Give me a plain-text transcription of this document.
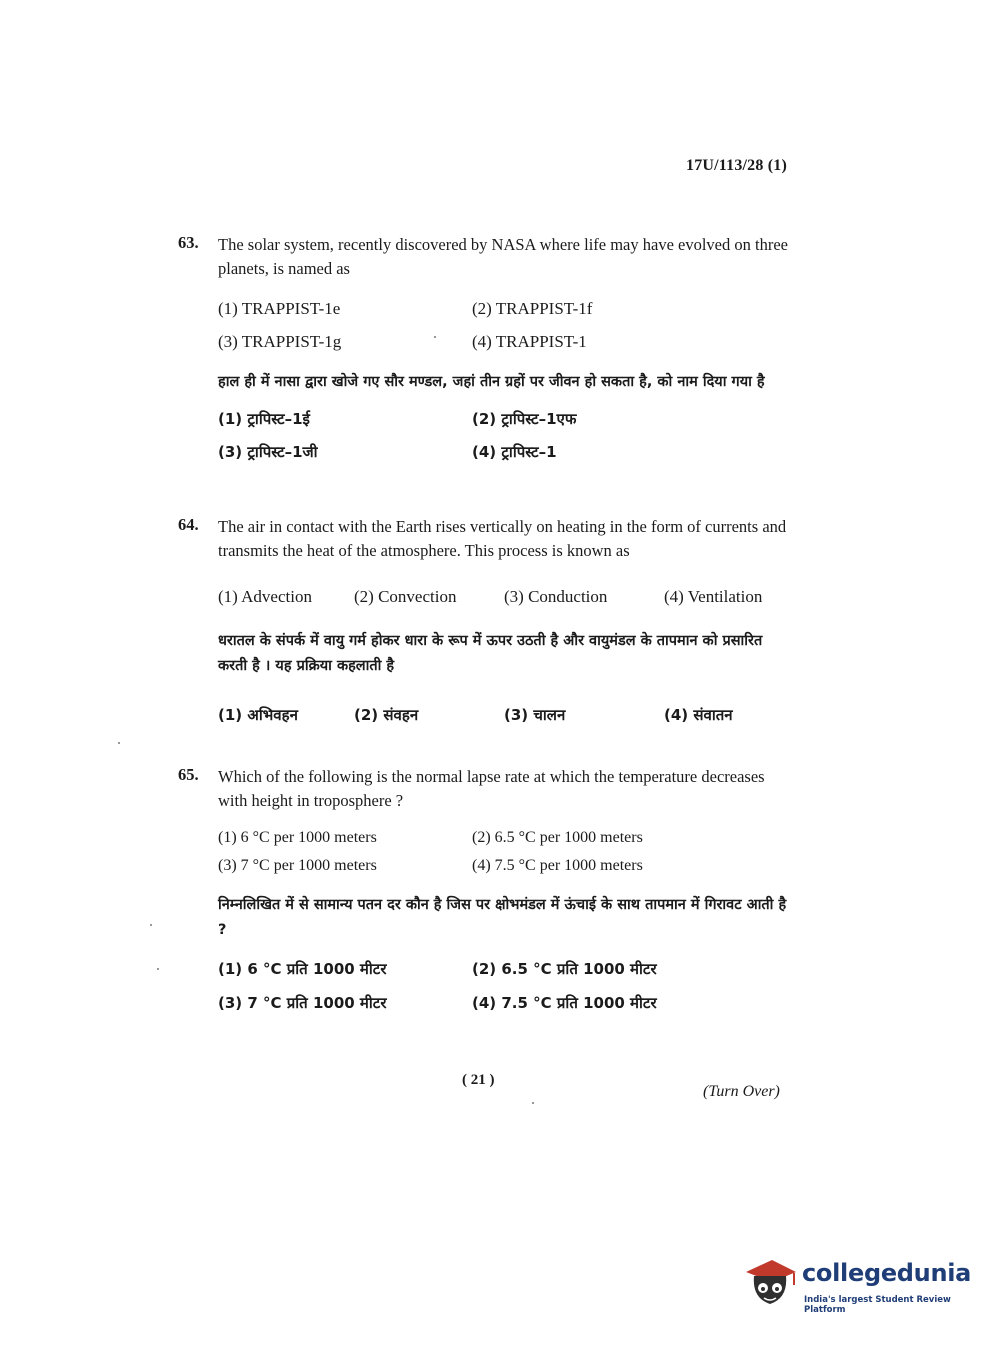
17U/113/28 (1)
63. The solar system, recently discovered by NASA where life may have evolved on three planets, is named as
(1) TRAPPIST-1e	(2) TRAPPIST-1f
(3) TRAPPIST-1g	(4) TRAPPIST-1
हाल ही में नासा द्वारा खोजे गए सौर मण्डल, जहां तीन ग्रहों पर जीवन हो सकता है, को नाम दिया गया है
(1) ट्रापिस्ट–1ई	(2) ट्रापिस्ट–1एफ
(3) ट्रापिस्ट–1जी	(4) ट्रापिस्ट–1
64. The air in contact with the Earth rises vertically on heating in the form of currents and transmits the heat of the atmosphere. This process is known as
(1) Advection	(2) Convection	(3) Conduction	(4) Ventilation
धरातल के संपर्क में वायु गर्म होकर धारा के रूप में ऊपर उठती है और वायुमंडल के तापमान को प्रसारित करती है । यह प्रक्रिया कहलाती है
(1) अभिवहन	(2) संवहन	(3) चालन	(4) संवातन
65. Which of the following is the normal lapse rate at which the temperature decreases with height in troposphere ?
(1) 6 °C per 1000 meters	(2) 6.5 °C per 1000 meters
(3) 7 °C per 1000 meters	(4) 7.5 °C per 1000 meters
निम्नलिखित में से सामान्य पतन दर कौन है जिस पर क्षोभमंडल में ऊंचाई के साथ तापमान में गिरावट आती है ?
(1) 6 °C प्रति 1000 मीटर	(2) 6.5 °C प्रति 1000 मीटर
(3) 7 °C प्रति 1000 मीटर	(4) 7.5 °C प्रति 1000 मीटर
( 21 )
(Turn Over)
collegedunia
India's largest Student Review Platform
